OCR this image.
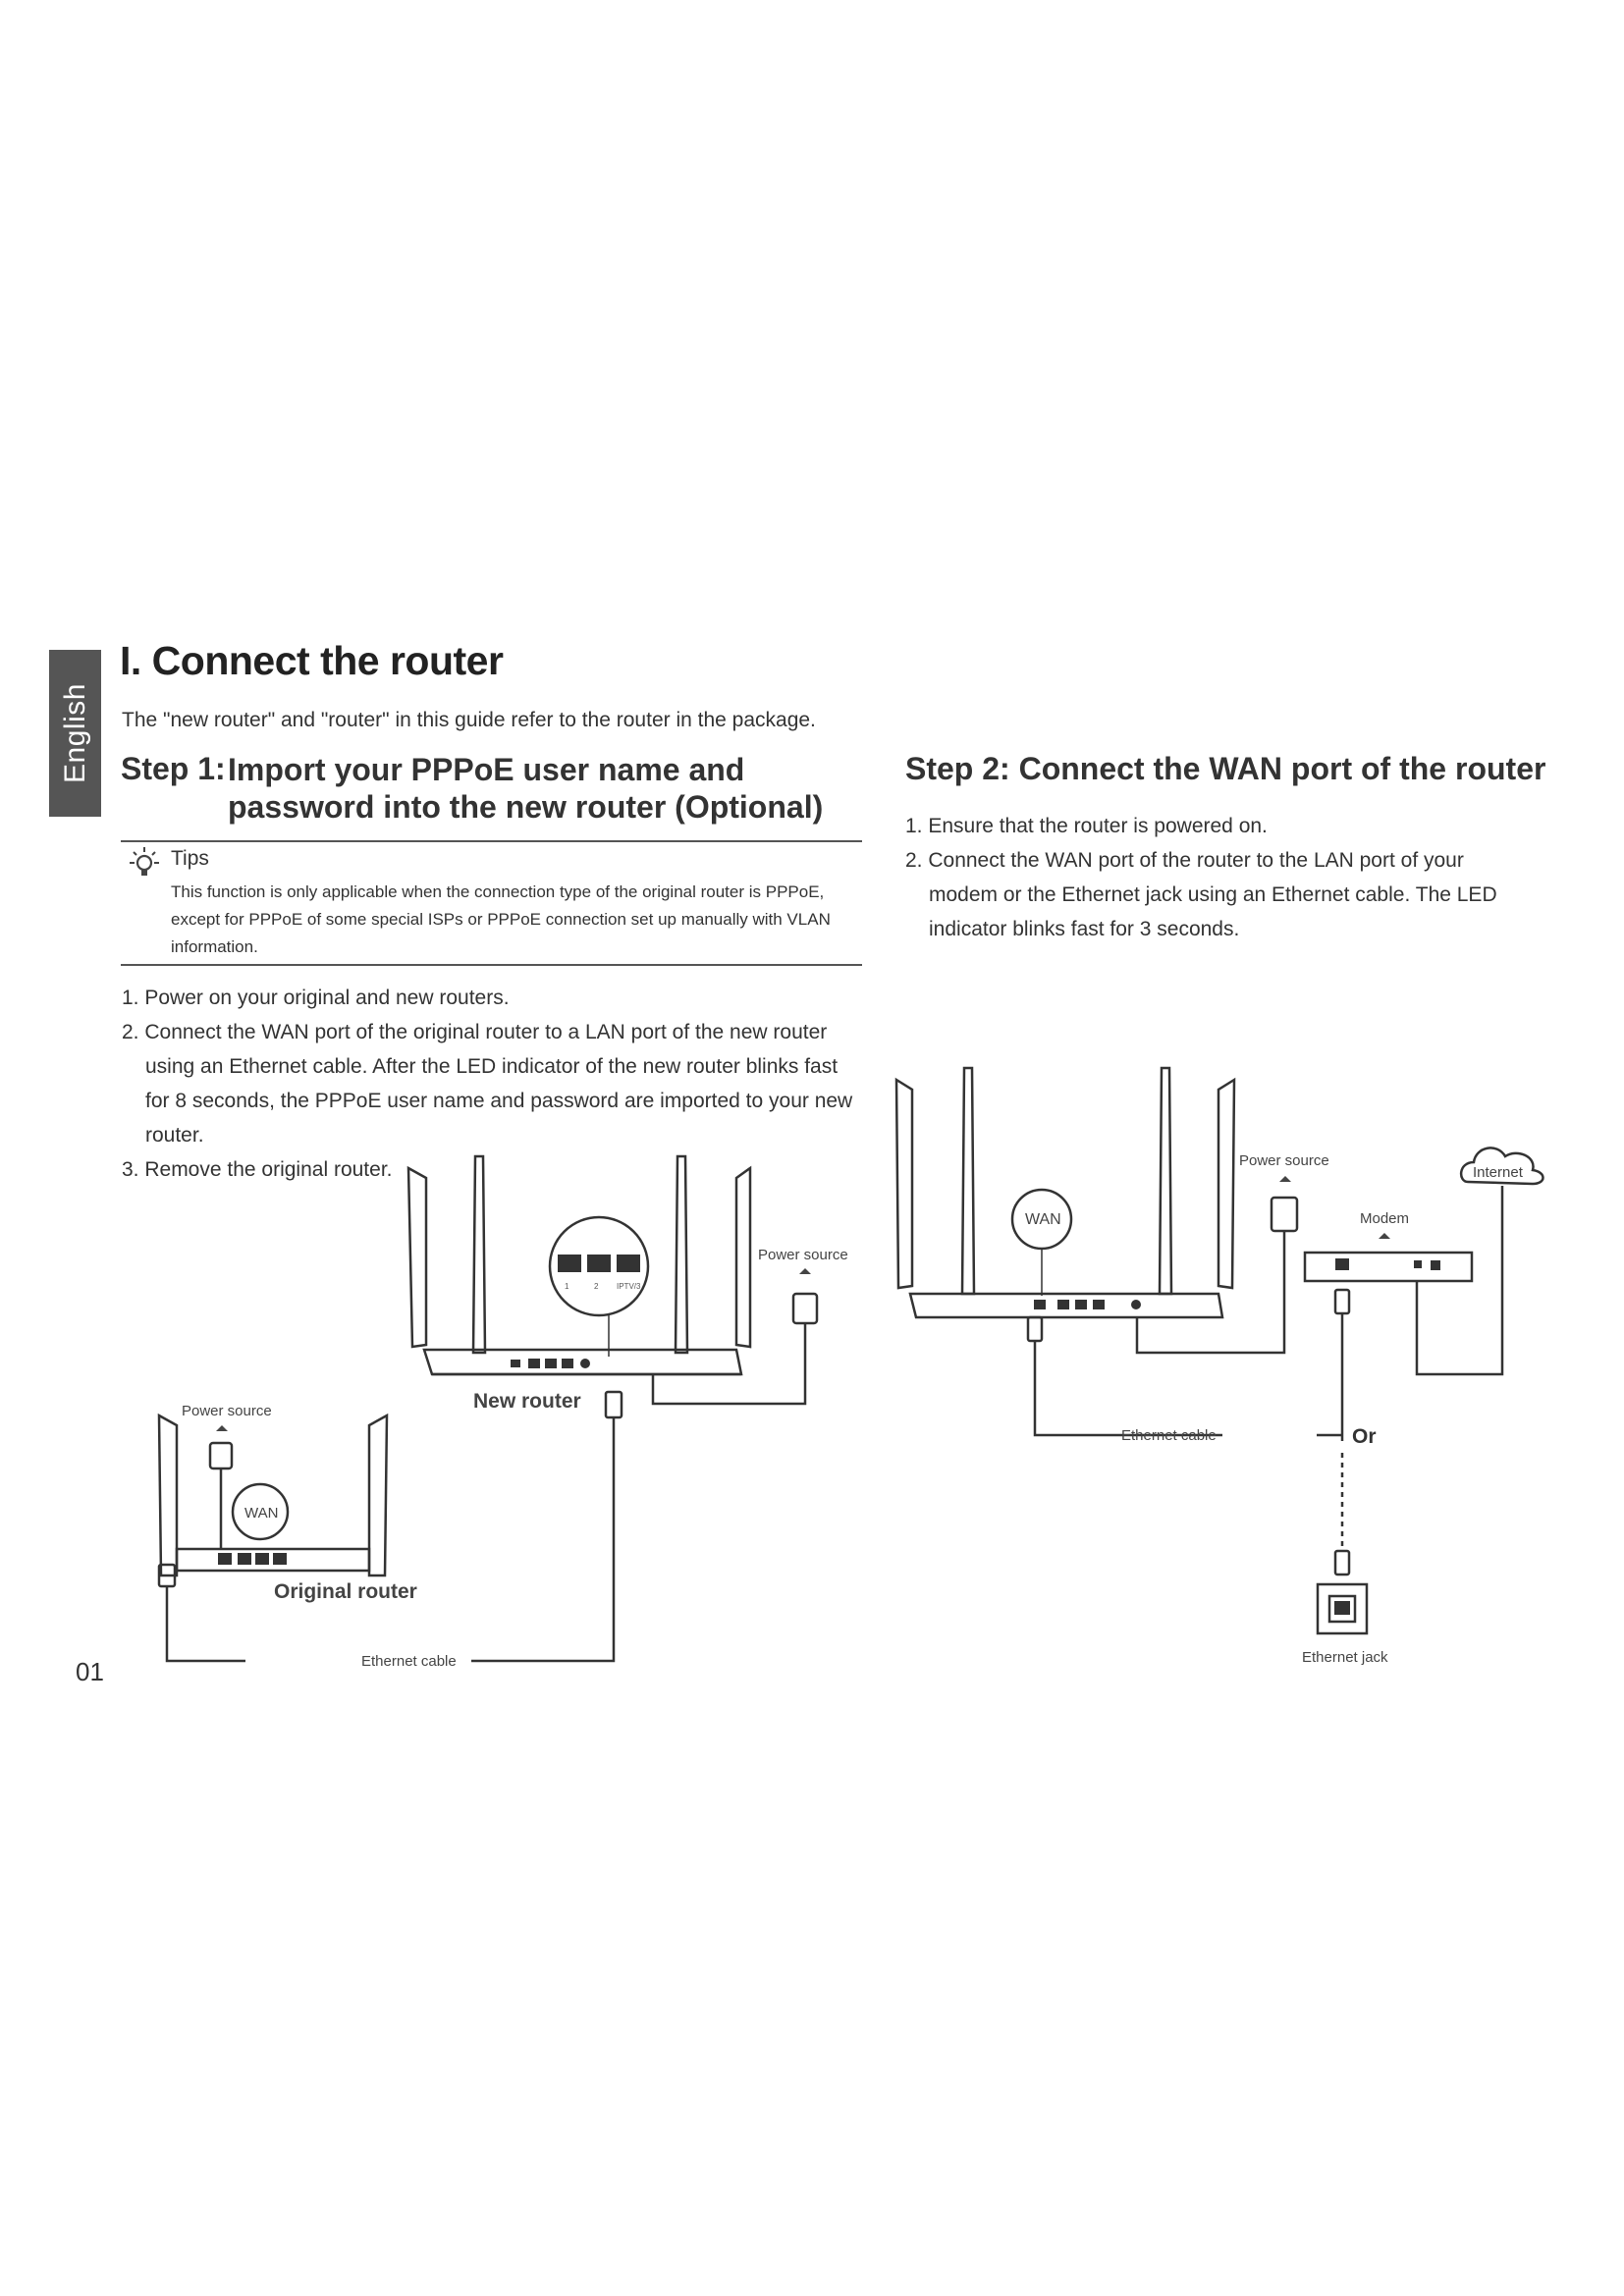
English
I. Connect the router
The "new router" and "router" in this guide refer to the router in the package.
Step 1: Import your PPPoE user name and password into the new router (Optional)
Tips
This function is only applicable when the connection type of the original router is PPPoE, except for PPPoE of some special ISPs or PPPoE connection set up manually with VLAN information.

1. Power on your original and new routers.

2. Connect the WAN port of the original router to a LAN port of the new router using an Ethernet cable. After the LED indicator of the new router blinks fast for 8 seconds, the PPPoE user name and password are imported to your new router.

3. Remove the original router.

Step 2: Connect the WAN port of the router

1. Ensure that the router is powered on.

2. Connect the WAN port of the router to the LAN port of your modem or the Ethernet jack using an Ethernet cable. The LED indicator blinks fast for 3 seconds.

1	2 IPTV/3
Power source
New router
Ethernet cable
WAN
Power source
Original router
WAN
Power source
Internet
Modem
Ethernet cable	Or
Ethernet jack
01
